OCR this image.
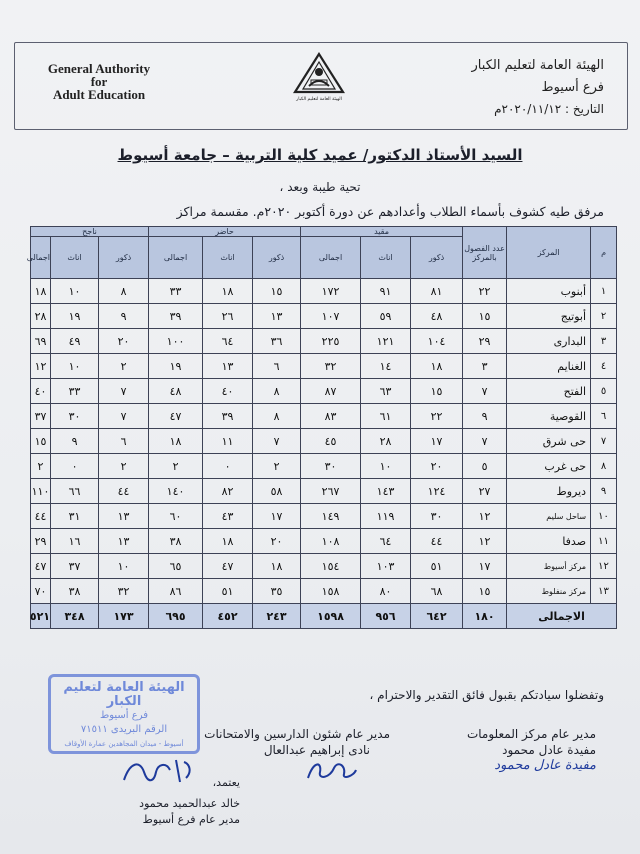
General Authority
for
Adult Education	الهيئة العامة لتعليم الكبار
الهيئة العامة لتعليم الكبار
فرع أسيوط
التاريخ : ٢٠٢٠/١١/١٢م
السيد الأستاذ الدكتور/ عميد كلية التربية – جامعة أسيوط
تحية طيبة وبعد ،
مرفق طيه كشوف بأسماء الطلاب وأعدادهم عن دورة أكتوبر ٢٠٢٠م. مقسمة مراكز
م	المركز	عدد الفصول بالمركز	مقيد			حاضر			ناجح		
			ذكور	اناث	اجمالى	ذكور	اناث	اجمالى	ذكور	اناث	اجمالى
١	أبنوب	٢٢	٨١	٩١	١٧٢	١٥	١٨	٣٣	٨	١٠	١٨
٢	أبوتيج	١٥	٤٨	٥٩	١٠٧	١٣	٢٦	٣٩	٩	١٩	٢٨
٣	البدارى	٢٩	١٠٤	١٢١	٢٢٥	٣٦	٦٤	١٠٠	٢٠	٤٩	٦٩
٤	الغنايم	٣	١٨	١٤	٣٢	٦	١٣	١٩	٢	١٠	١٢
٥	الفتح	٧	١٥	٦٣	٨٧	٨	٤٠	٤٨	٧	٣٣	٤٠
٦	القوصية	٩	٢٢	٦١	٨٣	٨	٣٩	٤٧	٧	٣٠	٣٧
٧	حى شرق	٧	١٧	٢٨	٤٥	٧	١١	١٨	٦	٩	١٥
٨	حى غرب	٥	٢٠	١٠	٣٠	٢	٠	٢	٢	٠	٢
٩	ديروط	٢٧	١٢٤	١٤٣	٢٦٧	٥٨	٨٢	١٤٠	٤٤	٦٦	١١٠
١٠	ساحل سليم	١٢	٣٠	١١٩	١٤٩	١٧	٤٣	٦٠	١٣	٣١	٤٤
١١	صدفا	١٢	٤٤	٦٤	١٠٨	٢٠	١٨	٣٨	١٣	١٦	٢٩
١٢	مركز أسيوط	١٧	٥١	١٠٣	١٥٤	١٨	٤٧	٦٥	١٠	٣٧	٤٧
١٣	مركز منفلوط	١٥	٦٨	٨٠	١٥٨	٣٥	٥١	٨٦	٣٢	٣٨	٧٠
الاجمالى		١٨٠	٦٤٢	٩٥٦	١٥٩٨	٢٤٣	٤٥٢	٦٩٥	١٧٣	٣٤٨	٥٢١
وتفضلوا سيادتكم بقبول فائق التقدير والاحترام ،
الهيئة العامة لتعليم الكبار
فرع أسيوط
الرقم البريدى ٧١٥١١
أسيوط - ميدان المجاهدين عمارة الأوقاف
مدير عام مركز المعلومات
مفيدة عادل محمود
مفيدة عادل محمود
مدير عام شئون الدارسين والامتحانات
نادى إبراهيم عبدالعال
يعتمد،
خالد عبدالحميد محمود
مدير عام فرع أسيوط
